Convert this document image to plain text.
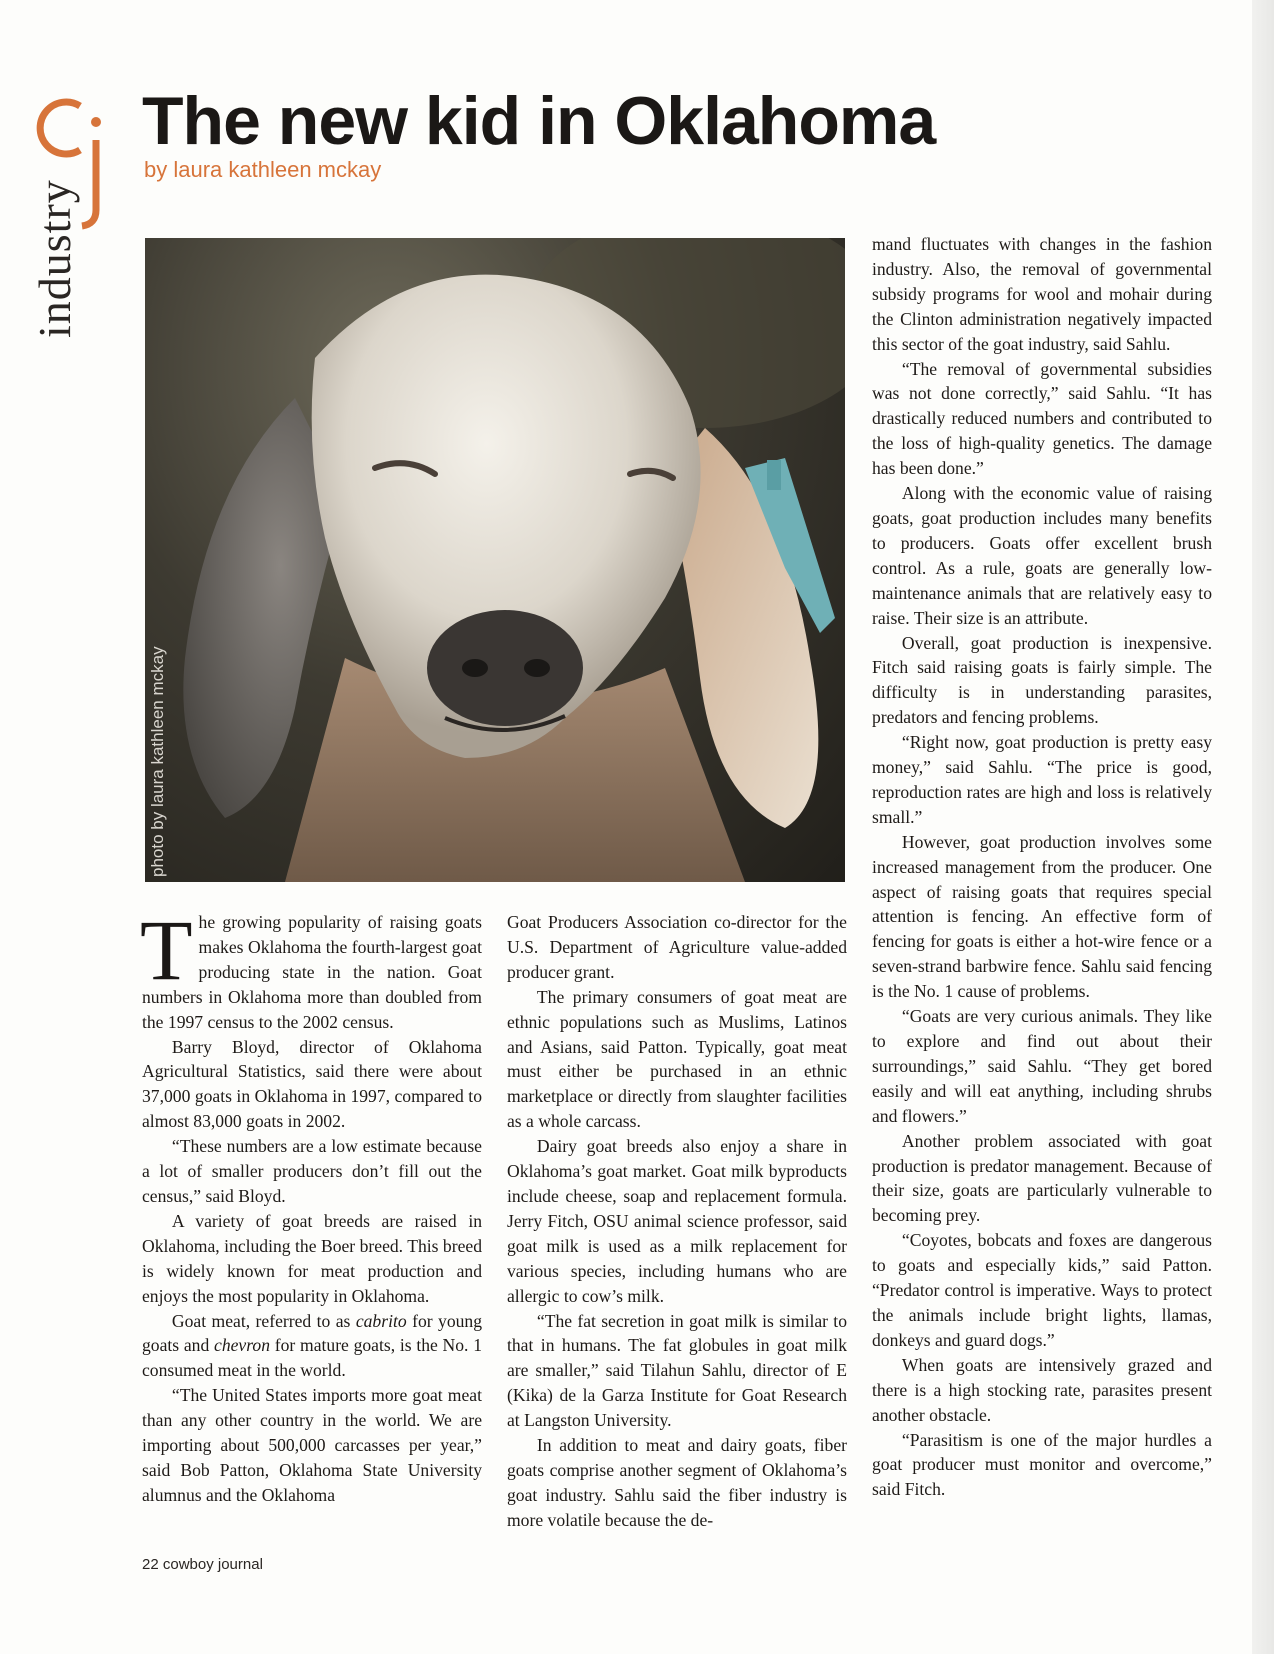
industry
The new kid in Oklahoma
by laura kathleen mckay
photo by laura kathleen mckay

The growing popularity of raising goats makes Oklahoma the fourth-largest goat producing state in the nation. Goat numbers in Oklahoma more than doubled from the 1997 census to the 2002 census.

Barry Bloyd, director of Oklahoma Agricultural Statistics, said there were about 37,000 goats in Oklahoma in 1997, compared to almost 83,000 goats in 2002.

“These numbers are a low estimate because a lot of smaller producers don’t fill out the census,” said Bloyd.

A variety of goat breeds are raised in Oklahoma, including the Boer breed. This breed is widely known for meat production and enjoys the most popularity in Oklahoma.

Goat meat, referred to as cabrito for young goats and chevron for mature goats, is the No. 1 consumed meat in the world.

“The United States imports more goat meat than any other country in the world. We are importing about 500,000 carcasses per year,” said Bob Patton, Oklahoma State University alumnus and the Oklahoma

Goat Producers Association co-director for the U.S. Department of Agriculture value-added producer grant.

The primary consumers of goat meat are ethnic populations such as Muslims, Latinos and Asians, said Patton. Typically, goat meat must either be purchased in an ethnic marketplace or directly from slaughter facilities as a whole carcass.

Dairy goat breeds also enjoy a share in Oklahoma’s goat market. Goat milk byproducts include cheese, soap and replacement formula. Jerry Fitch, OSU animal science professor, said goat milk is used as a milk replacement for various species, including humans who are allergic to cow’s milk.

“The fat secretion in goat milk is similar to that in humans. The fat globules in goat milk are smaller,” said Tilahun Sahlu, director of E (Kika) de la Garza Institute for Goat Research at Langston University.

In addition to meat and dairy goats, fiber goats comprise another segment of Oklahoma’s goat industry. Sahlu said the fiber industry is more volatile because the de-

mand fluctuates with changes in the fashion industry. Also, the removal of governmental subsidy programs for wool and mohair during the Clinton administration negatively impacted this sector of the goat industry, said Sahlu.

“The removal of governmental subsidies was not done correctly,” said Sahlu. “It has drastically reduced numbers and contributed to the loss of high-quality genetics. The damage has been done.”

Along with the economic value of raising goats, goat production includes many benefits to producers. Goats offer excellent brush control. As a rule, goats are generally low-maintenance animals that are relatively easy to raise. Their size is an attribute.

Overall, goat production is inexpensive. Fitch said raising goats is fairly simple. The difficulty is in understanding parasites, predators and fencing problems.

“Right now, goat production is pretty easy money,” said Sahlu. “The price is good, reproduction rates are high and loss is relatively small.”

However, goat production involves some increased management from the producer. One aspect of raising goats that requires special attention is fencing. An effective form of fencing for goats is either a hot-wire fence or a seven-strand barbwire fence. Sahlu said fencing is the No. 1 cause of problems.

“Goats are very curious animals. They like to explore and find out about their surroundings,” said Sahlu. “They get bored easily and will eat anything, including shrubs and flowers.”

Another problem associated with goat production is predator management. Because of their size, goats are particularly vulnerable to becoming prey.

“Coyotes, bobcats and foxes are dangerous to goats and especially kids,” said Patton. “Predator control is imperative. Ways to protect the animals include bright lights, llamas, donkeys and guard dogs.”

When goats are intensively grazed and there is a high stocking rate, parasites present another obstacle.

“Parasitism is one of the major hurdles a goat producer must monitor and overcome,” said Fitch.

22 cowboy journal
